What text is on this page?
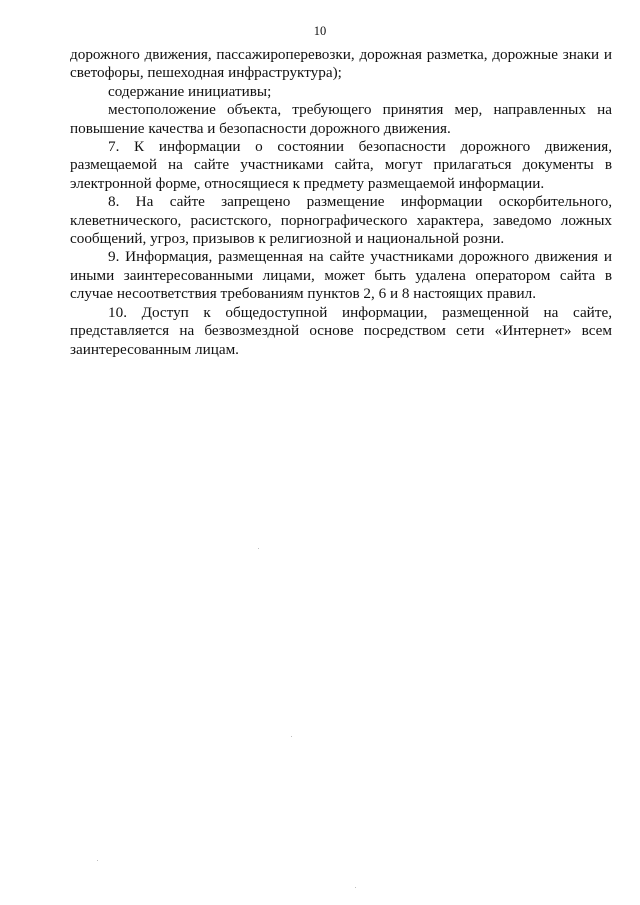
10

дорожного движения, пассажироперевозки, дорожная разметка, дорожные знаки и светофоры, пешеходная инфраструктура);

содержание инициативы;

местоположение объекта, требующего принятия мер, направленных на повышение качества и безопасности дорожного движения.

7. К информации о состоянии безопасности дорожного движения, размещаемой на сайте участниками сайта, могут прилагаться документы в электронной форме, относящиеся к предмету размещаемой информации.

8. На сайте запрещено размещение информации оскорбительного, клеветнического, расистского, порнографического характера, заведомо ложных сообщений, угроз, призывов к религиозной и национальной розни.

9. Информация, размещенная на сайте участниками дорожного движения и иными заинтересованными лицами, может быть удалена оператором сайта в случае несоответствия требованиям пунктов 2, 6 и 8 настоящих правил.

10. Доступ к общедоступной информации, размещенной на сайте, представляется на безвозмездной основе посредством сети «Интернет» всем заинтересованным лицам.
